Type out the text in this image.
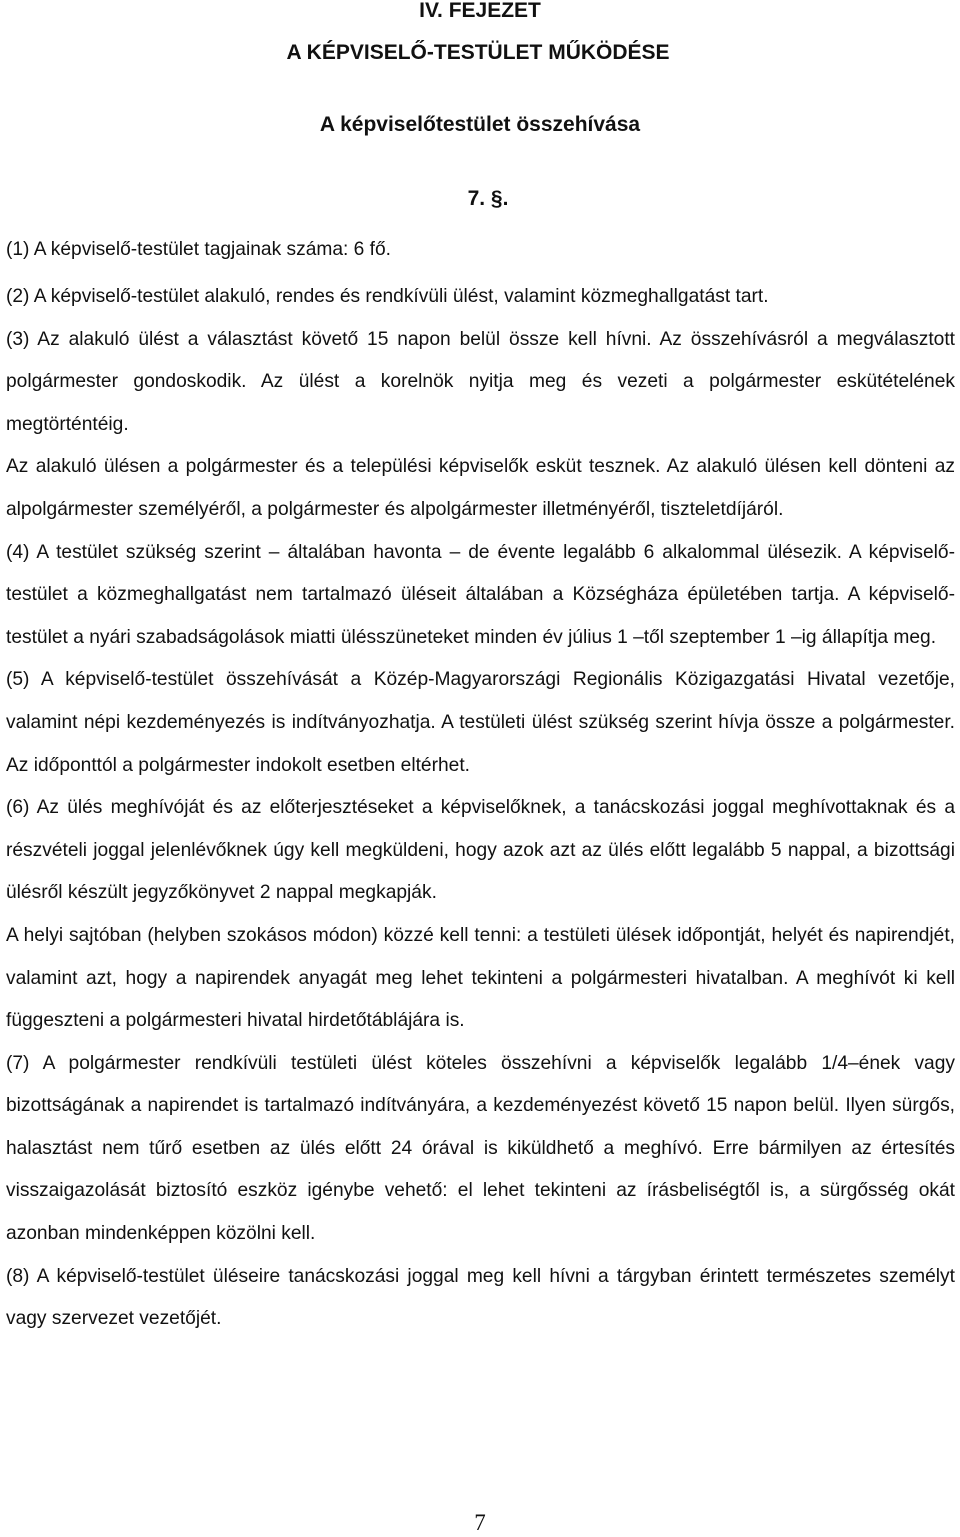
IV. FEJEZET
A KÉPVISELŐ-TESTÜLET MŰKÖDÉSE
A képviselőtestület összehívása
7. §.

(1) A képviselő-testület tagjainak száma: 6 fő.

(2) A képviselő-testület alakuló, rendes és rendkívüli ülést, valamint közmeghallgatást tart.

(3) Az alakuló ülést a választást követő 15 napon belül össze kell hívni. Az összehívásról a megválasztott polgármester gondoskodik. Az ülést a korelnök nyitja meg és vezeti a polgármester eskütételének megtörténtéig.

Az alakuló ülésen a polgármester és a települési képviselők esküt tesznek. Az alakuló ülésen kell dönteni az alpolgármester személyéről, a polgármester és alpolgármester illetményéről, tiszteletdíjáról.

(4) A testület szükség szerint – általában havonta – de évente legalább 6 alkalommal ülésezik. A képviselő-testület a közmeghallgatást nem tartalmazó üléseit általában a Községháza épületében tartja. A képviselő-testület a nyári szabadságolások miatti ülésszüneteket minden év július 1 –től szeptember 1 –ig állapítja meg.

(5) A képviselő-testület összehívását a Közép-Magyarországi Regionális Közigazgatási Hivatal vezetője, valamint népi kezdeményezés is indítványozhatja. A testületi ülést szükség szerint hívja össze a polgármester. Az időponttól a polgármester indokolt esetben eltérhet.

(6) Az ülés meghívóját és az előterjesztéseket a képviselőknek, a tanácskozási joggal meghívottaknak és a részvételi joggal jelenlévőknek úgy kell megküldeni, hogy azok azt az ülés előtt legalább 5 nappal, a bizottsági ülésről készült jegyzőkönyvet 2 nappal megkapják.

A helyi sajtóban (helyben szokásos módon) közzé kell tenni: a testületi ülések időpontját, helyét és napirendjét, valamint azt, hogy a napirendek anyagát meg lehet tekinteni a polgármesteri hivatalban. A meghívót ki kell függeszteni a polgármesteri hivatal hirdetőtáblájára is.

(7) A polgármester rendkívüli testületi ülést köteles összehívni a képviselők legalább 1/4–ének vagy bizottságának a napirendet is tartalmazó indítványára, a kezdeményezést követő 15 napon belül. Ilyen sürgős, halasztást nem tűrő esetben az ülés előtt 24 órával is kiküldhető a meghívó. Erre bármilyen az értesítés visszaigazolását biztosító eszköz igénybe vehető: el lehet tekinteni az írásbeliségtől is, a sürgősség okát azonban mindenképpen közölni kell.

(8) A képviselő-testület üléseire tanácskozási joggal meg kell hívni a tárgyban érintett természetes személyt vagy szervezet vezetőjét.

7
